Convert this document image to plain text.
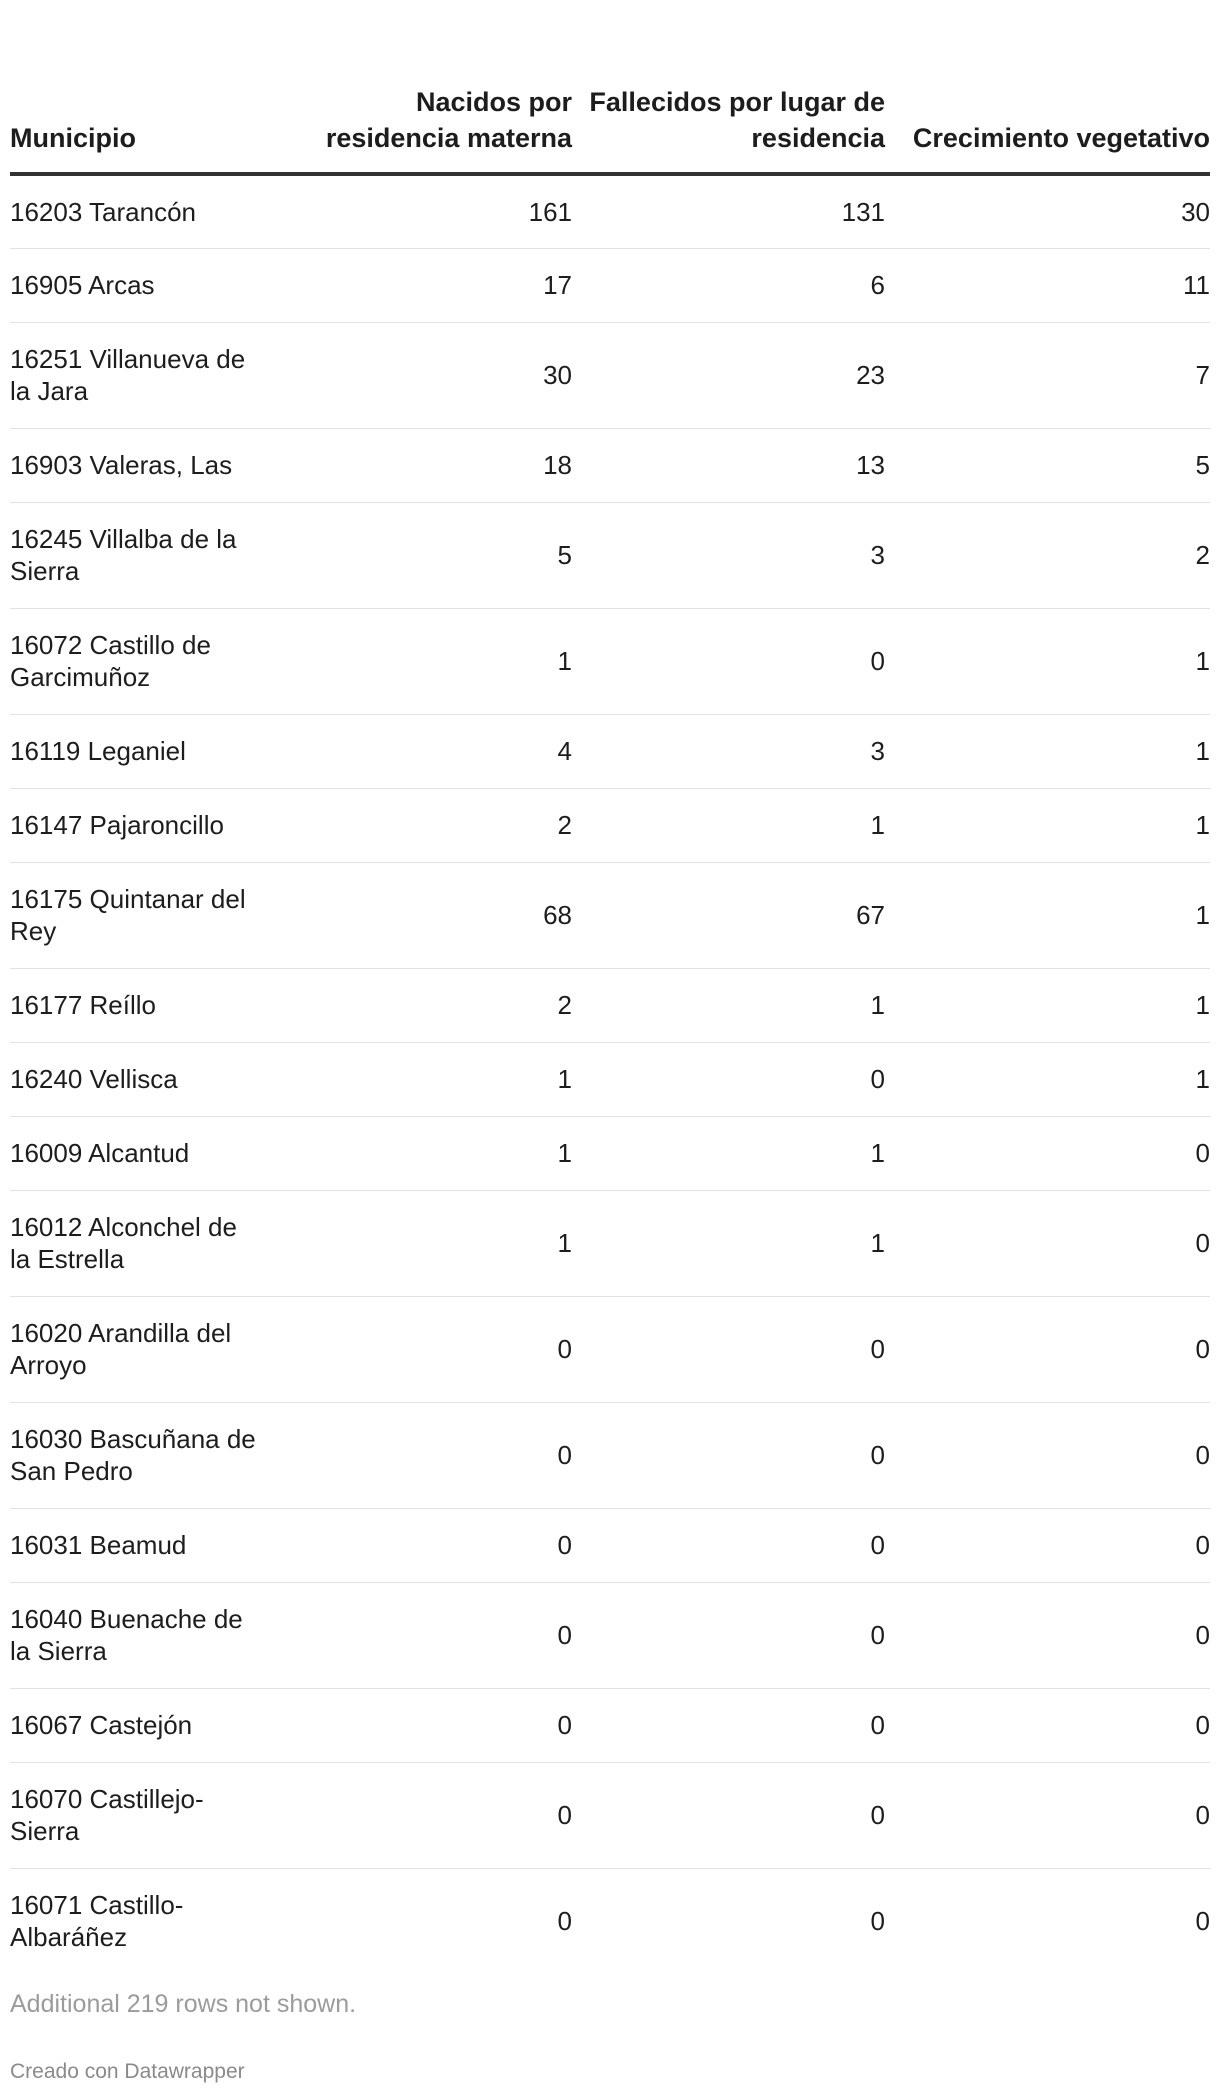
Municipio	Nacidos por residencia materna	Fallecidos por lugar de residencia	Crecimiento vegetativo

16203 Tarancón	161	131	30

16905 Arcas	17	6	11

16251 Villanueva de la Jara	30	23	7

16903 Valeras, Las	18	13	5

16245 Villalba de la Sierra	5	3	2

16072 Castillo de Garcimuñoz	1	0	1

16119 Leganiel	4	3	1

16147 Pajaroncillo	2	1	1

16175 Quintanar del Rey	68	67	1

16177 Reíllo	2	1	1

16240 Vellisca	1	0	1

16009 Alcantud	1	1	0

16012 Alconchel de la Estrella	1	1	0

16020 Arandilla del Arroyo	0	0	0

16030 Bascuñana de San Pedro	0	0	0

16031 Beamud	0	0	0

16040 Buenache de la Sierra	0	0	0

16067 Castejón	0	0	0

16070 Castillejo-Sierra	0	0	0

16071 Castillo-Albaráñez	0	0	0
Additional 219 rows not shown.
Creado con Datawrapper
